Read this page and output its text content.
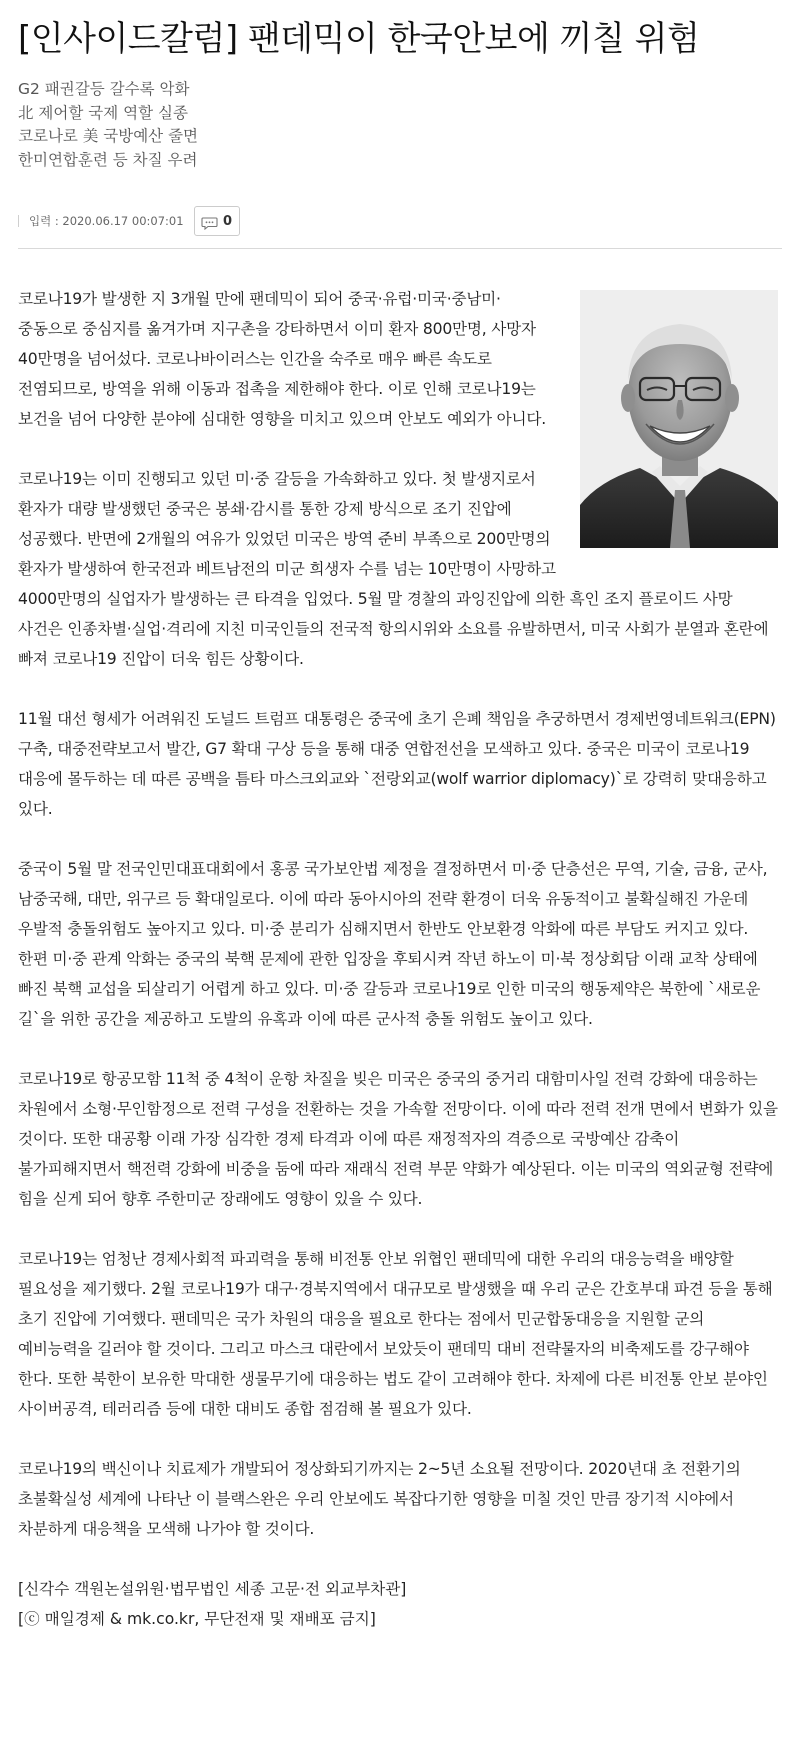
[인사이드칼럼] 팬데믹이 한국안보에 끼칠 위험
G2 패권갈등 갈수록 악화
北 제어할 국제 역할 실종
코로나로 美 국방예산 줄면
한미연합훈련 등 차질 우려
입력 : 2020.06.17 00:07:01	0

코로나19가 발생한 지 3개월 만에 팬데믹이 되어 중국·유럽·미국·중남미·중동으로 중심지를 옮겨가며 지구촌을 강타하면서 이미 환자 800만명, 사망자 40만명을 넘어섰다. 코로나바이러스는 인간을 숙주로 매우 빠른 속도로 전염되므로, 방역을 위해 이동과 접촉을 제한해야 한다. 이로 인해 코로나19는 보건을 넘어 다양한 분야에 심대한 영향을 미치고 있으며 안보도 예외가 아니다.

코로나19는 이미 진행되고 있던 미·중 갈등을 가속화하고 있다. 첫 발생지로서 환자가 대량 발생했던 중국은 봉쇄·감시를 통한 강제 방식으로 조기 진압에 성공했다. 반면에 2개월의 여유가 있었던 미국은 방역 준비 부족으로 200만명의 환자가 발생하여 한국전과 베트남전의 미군 희생자 수를 넘는 10만명이 사망하고 4000만명의 실업자가 발생하는 큰 타격을 입었다. 5월 말 경찰의 과잉진압에 의한 흑인 조지 플로이드 사망 사건은 인종차별·실업·격리에 지친 미국인들의 전국적 항의시위와 소요를 유발하면서, 미국 사회가 분열과 혼란에 빠져 코로나19 진압이 더욱 힘든 상황이다.

11월 대선 형세가 어려워진 도널드 트럼프 대통령은 중국에 초기 은폐 책임을 추궁하면서 경제번영네트워크(EPN) 구축, 대중전략보고서 발간, G7 확대 구상 등을 통해 대중 연합전선을 모색하고 있다. 중국은 미국이 코로나19 대응에 몰두하는 데 따른 공백을 틈타 마스크외교와 `전랑외교(wolf warrior diplomacy)`로 강력히 맞대응하고 있다.

중국이 5월 말 전국인민대표대회에서 홍콩 국가보안법 제정을 결정하면서 미·중 단층선은 무역, 기술, 금융, 군사, 남중국해, 대만, 위구르 등 확대일로다. 이에 따라 동아시아의 전략 환경이 더욱 유동적이고 불확실해진 가운데 우발적 충돌위험도 높아지고 있다. 미·중 분리가 심해지면서 한반도 안보환경 악화에 따른 부담도 커지고 있다. 한편 미·중 관계 악화는 중국의 북핵 문제에 관한 입장을 후퇴시켜 작년 하노이 미·북 정상회담 이래 교착 상태에 빠진 북핵 교섭을 되살리기 어렵게 하고 있다. 미·중 갈등과 코로나19로 인한 미국의 행동제약은 북한에 `새로운 길`을 위한 공간을 제공하고 도발의 유혹과 이에 따른 군사적 충돌 위험도 높이고 있다.

코로나19로 항공모함 11척 중 4척이 운항 차질을 빚은 미국은 중국의 중거리 대함미사일 전력 강화에 대응하는 차원에서 소형·무인함정으로 전력 구성을 전환하는 것을 가속할 전망이다. 이에 따라 전력 전개 면에서 변화가 있을 것이다. 또한 대공황 이래 가장 심각한 경제 타격과 이에 따른 재정적자의 격증으로 국방예산 감축이 불가피해지면서 핵전력 강화에 비중을 둠에 따라 재래식 전력 부문 약화가 예상된다. 이는 미국의 역외균형 전략에 힘을 싣게 되어 향후 주한미군 장래에도 영향이 있을 수 있다.

코로나19는 엄청난 경제사회적 파괴력을 통해 비전통 안보 위협인 팬데믹에 대한 우리의 대응능력을 배양할 필요성을 제기했다. 2월 코로나19가 대구·경북지역에서 대규모로 발생했을 때 우리 군은 간호부대 파견 등을 통해 초기 진압에 기여했다. 팬데믹은 국가 차원의 대응을 필요로 한다는 점에서 민군합동대응을 지원할 군의 예비능력을 길러야 할 것이다. 그리고 마스크 대란에서 보았듯이 팬데믹 대비 전략물자의 비축제도를 강구해야 한다. 또한 북한이 보유한 막대한 생물무기에 대응하는 법도 같이 고려해야 한다. 차제에 다른 비전통 안보 분야인 사이버공격, 테러리즘 등에 대한 대비도 종합 점검해 볼 필요가 있다.

코로나19의 백신이나 치료제가 개발되어 정상화되기까지는 2~5년 소요될 전망이다. 2020년대 초 전환기의 초불확실성 세계에 나타난 이 블랙스완은 우리 안보에도 복잡다기한 영향을 미칠 것인 만큼 장기적 시야에서 차분하게 대응책을 모색해 나가야 할 것이다.

[신각수 객원논설위원·법무법인 세종 고문·전 외교부차관]
[ⓒ 매일경제 & mk.co.kr, 무단전재 및 재배포 금지]
